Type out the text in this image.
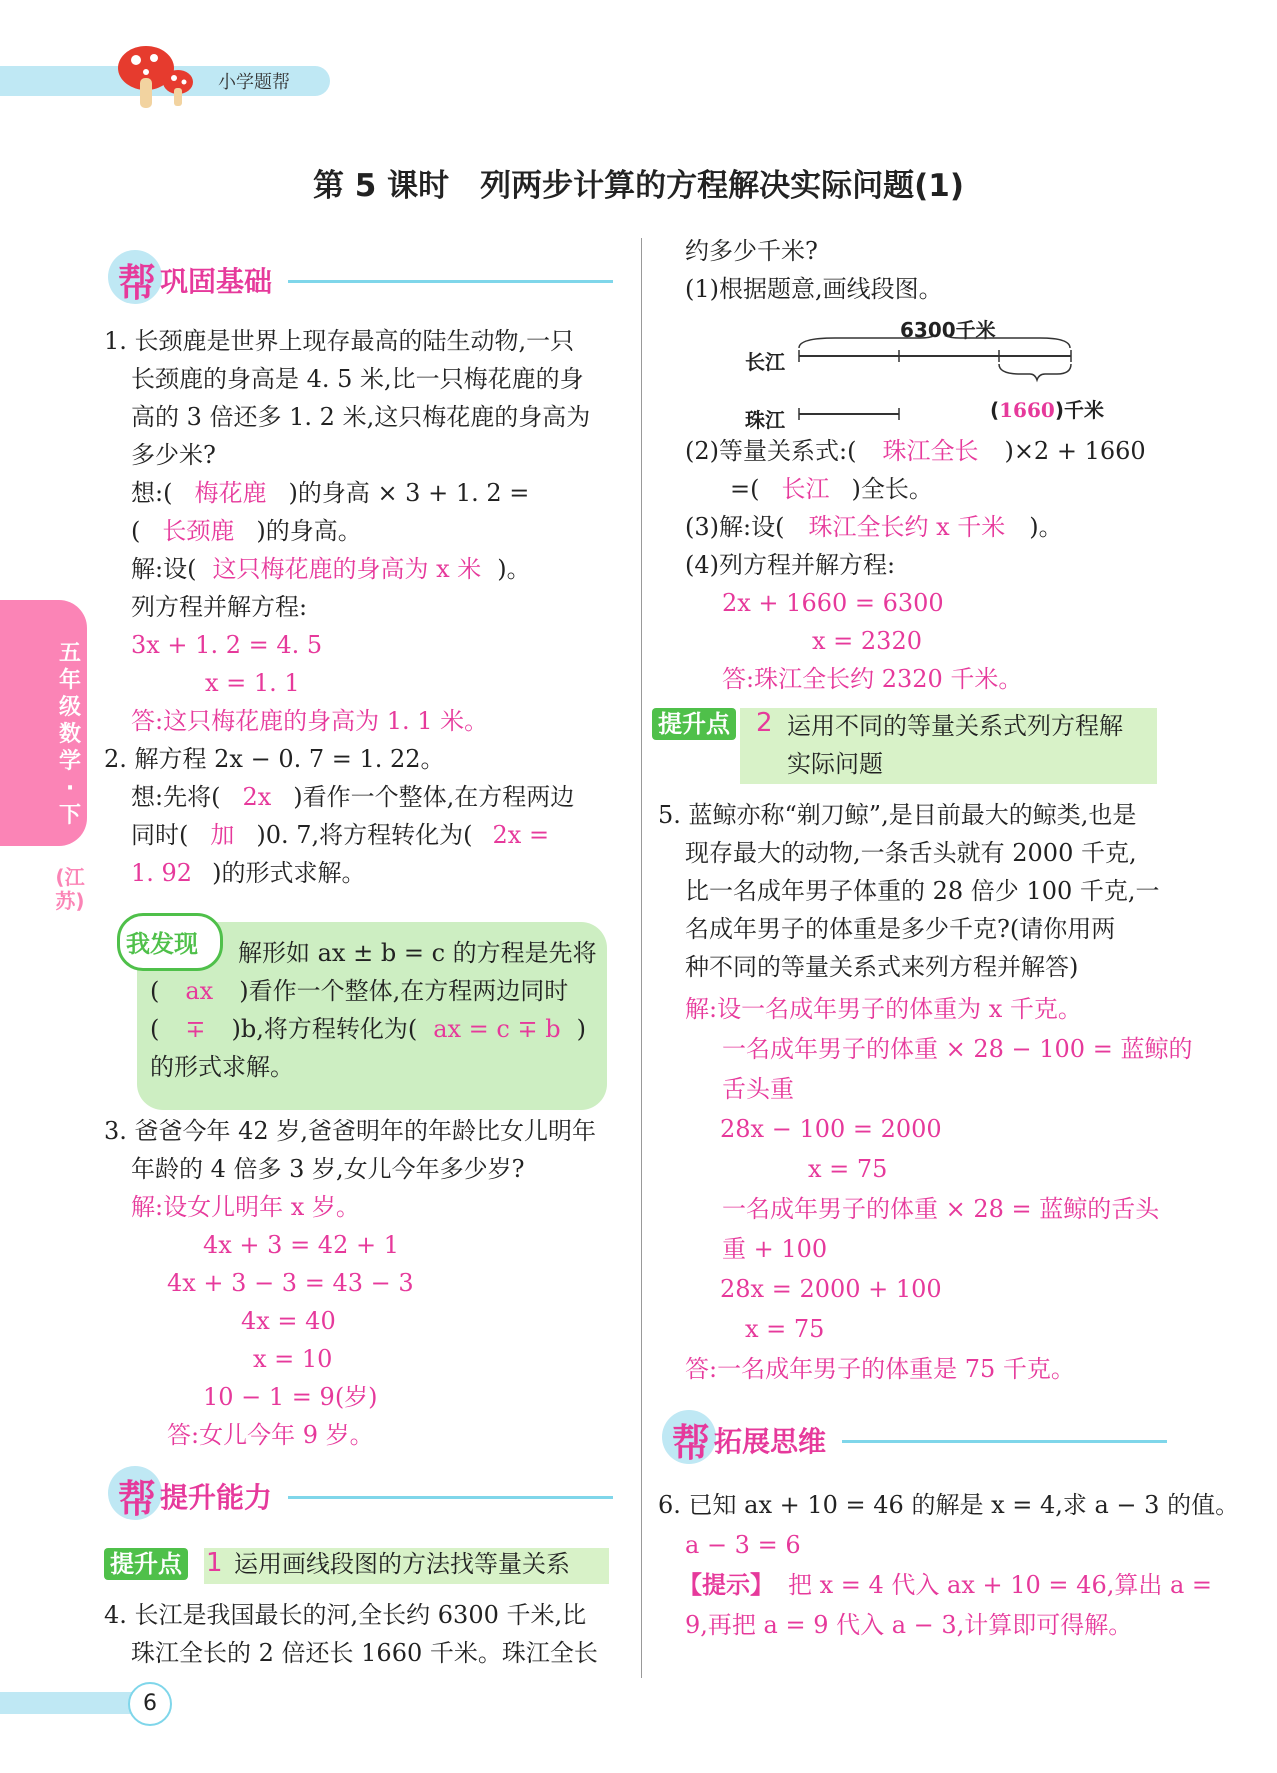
小学题帮
第 5 课时　列两步计算的方程解决实际问题(1)
五年级数学·下
(江苏)
帮 巩固基础
1. 长颈鹿是世界上现存最高的陆生动物,一只
长颈鹿的身高是 4. 5 米,比一只梅花鹿的身
高的 3 倍还多 1. 2 米,这只梅花鹿的身高为
多少米?
想:( 梅花鹿 )的身高 × 3 + 1. 2 =
( 长颈鹿 )的身高。
解:设( 这只梅花鹿的身高为 x 米 )。
列方程并解方程:
3x + 1. 2 = 4. 5
x = 1. 1
答:这只梅花鹿的身高为 1. 1 米。
2. 解方程 2x − 0. 7 = 1. 22。
想:先将( 2x )看作一个整体,在方程两边
同时( 加 )0. 7,将方程转化为( 2x =
1. 92 )的形式求解。
我发现 解形如 ax ± b = c 的方程是先将
( ax )看作一个整体,在方程两边同时
( ∓ )b,将方程转化为( ax = c ∓ b )
的形式求解。
3. 爸爸今年 42 岁,爸爸明年的年龄比女儿明年
年龄的 4 倍多 3 岁,女儿今年多少岁?
解:设女儿明年 x 岁。
4x + 3 = 42 + 1
4x + 3 − 3 = 43 − 3
4x = 40
x = 10
10 − 1 = 9(岁)
答:女儿今年 9 岁。
帮 提升能力
提升点 1 运用画线段图的方法找等量关系
4. 长江是我国最长的河,全长约 6300 千米,比
珠江全长的 2 倍还长 1660 千米。珠江全长
约多少千米?
(1)根据题意,画线段图。
6300千米
长江
珠江	(1660)千米
(2)等量关系式:( 珠江全长 )×2 + 1660
=( 长江 )全长。
(3)解:设( 珠江全长约 x 千米 )。
(4)列方程并解方程:
2x + 1660 = 6300
x = 2320
答:珠江全长约 2320 千米。
提升点 2 运用不同的等量关系式列方程解
实际问题
5. 蓝鲸亦称“剃刀鲸”,是目前最大的鲸类,也是
现存最大的动物,一条舌头就有 2000 千克,
比一名成年男子体重的 28 倍少 100 千克,一
名成年男子的体重是多少千克?(请你用两
种不同的等量关系式来列方程并解答)
解:设一名成年男子的体重为 x 千克。
一名成年男子的体重 × 28 − 100 = 蓝鲸的
舌头重
28x − 100 = 2000
x = 75
一名成年男子的体重 × 28 = 蓝鲸的舌头
重 + 100
28x = 2000 + 100
x = 75
答:一名成年男子的体重是 75 千克。
帮 拓展思维
6. 已知 ax + 10 = 46 的解是 x = 4,求 a − 3 的值。
a − 3 = 6
【提示】 把 x = 4 代入 ax + 10 = 46,算出 a =
9,再把 a = 9 代入 a − 3,计算即可得解。
6
